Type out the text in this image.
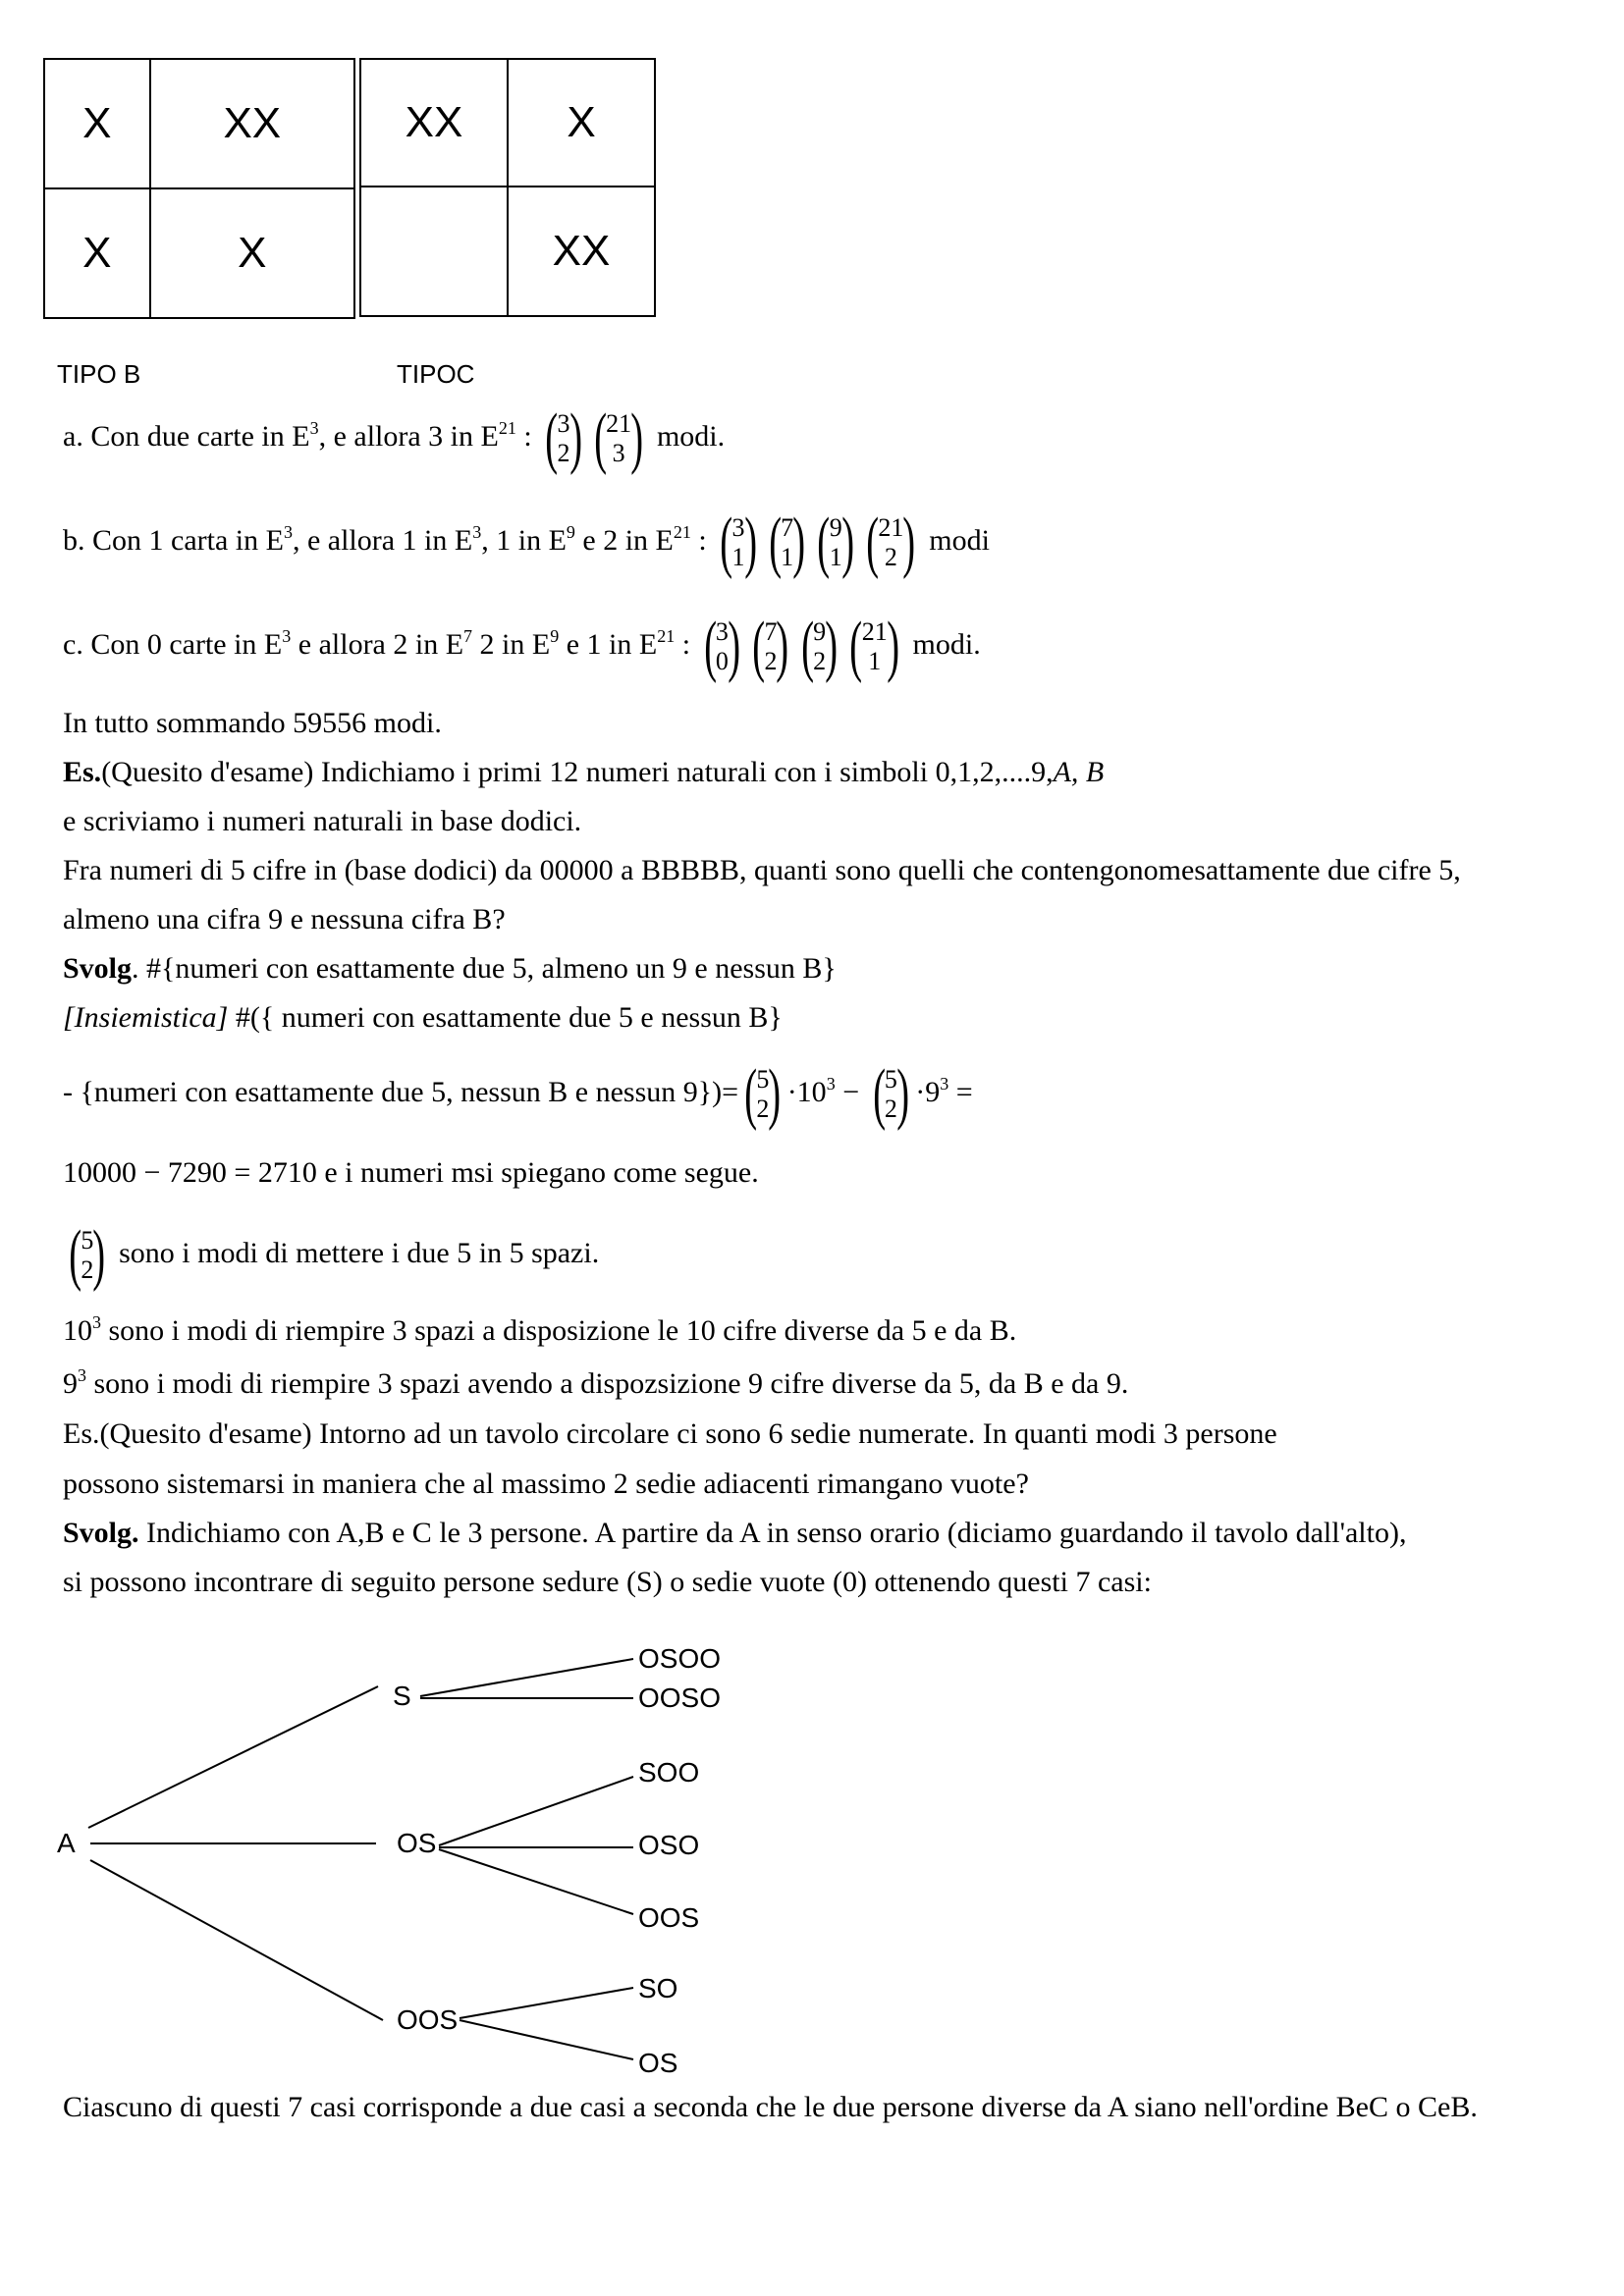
X	XX
X	X
XX	X
	XX
TIPO B	TIPOC
a. Con due carte in $E^3$, e allora 3 in $E^{21}$ : ( 3
2 ) ( 21
3 ) modi.
b. Con 1 carta in $E^3$, e allora 1 in $E^3$, 1 in $E^9$ e 2 in $E^{21}$ : ( 3
1 ) ( 7
1 ) ( 9
1 ) ( 21
2 ) modi
c. Con 0 carte in $E^3$ e allora 2 in $E^7$ 2 in $E^9$ e 1 in $E^{21}$ : ( 3
0 ) ( 7
2 ) ( 9
2 ) ( 21
1 ) modi.
In tutto sommando 59556 modi.
Es.(Quesito d'esame) Indichiamo i primi 12 numeri naturali con i simboli 0,1,2,....9,A, B
e scriviamo i numeri naturali in base dodici.
Fra numeri di 5 cifre in (base dodici) da 00000 a BBBBB, quanti sono quelli che contengonomesattamente due cifre 5,
almeno una cifra 9 e nessuna cifra B?
Svolg. #{numeri con esattamente due 5, almeno un 9 e nessun B}
[Insiemistica] #({ numeri con esattamente due 5 e nessun B}
- {numeri con esattamente due 5, nessun B e nessun 9})= ( 5
2 ) $\cdot 10^3$ − ( 5
2 ) $\cdot 9^3$ =
10000 − 7290 = 2710 e i numeri msi spiegano come segue.
( 5
2 ) sono i modi di mettere i due 5 in 5 spazi.
$10^3$ sono i modi di riempire 3 spazi a disposizione le 10 cifre diverse da 5 e da B.
$9^3$ sono i modi di riempire 3 spazi avendo a dispozsizione 9 cifre diverse da 5, da B e da 9.
Es.(Quesito d'esame) Intorno ad un tavolo circolare ci sono 6 sedie numerate. In quanti modi 3 persone
possono sistemarsi in maniera che al massimo 2 sedie adiacenti rimangano vuote?
Svolg. Indichiamo con A,B e C le 3 persone. A partire da A in senso orario (diciamo guardando il tavolo dall'alto),
si possono incontrare di seguito persone sedure (S) o sedie vuote (0) ottenendo questi 7 casi:
A
S
OS
OOS
OSOO
OOSO
SOO
OSO
OOS
SO
OS
Ciascuno di questi 7 casi corrisponde a due casi a seconda che le due persone diverse da A siano nell'ordine BeC o CeB.
